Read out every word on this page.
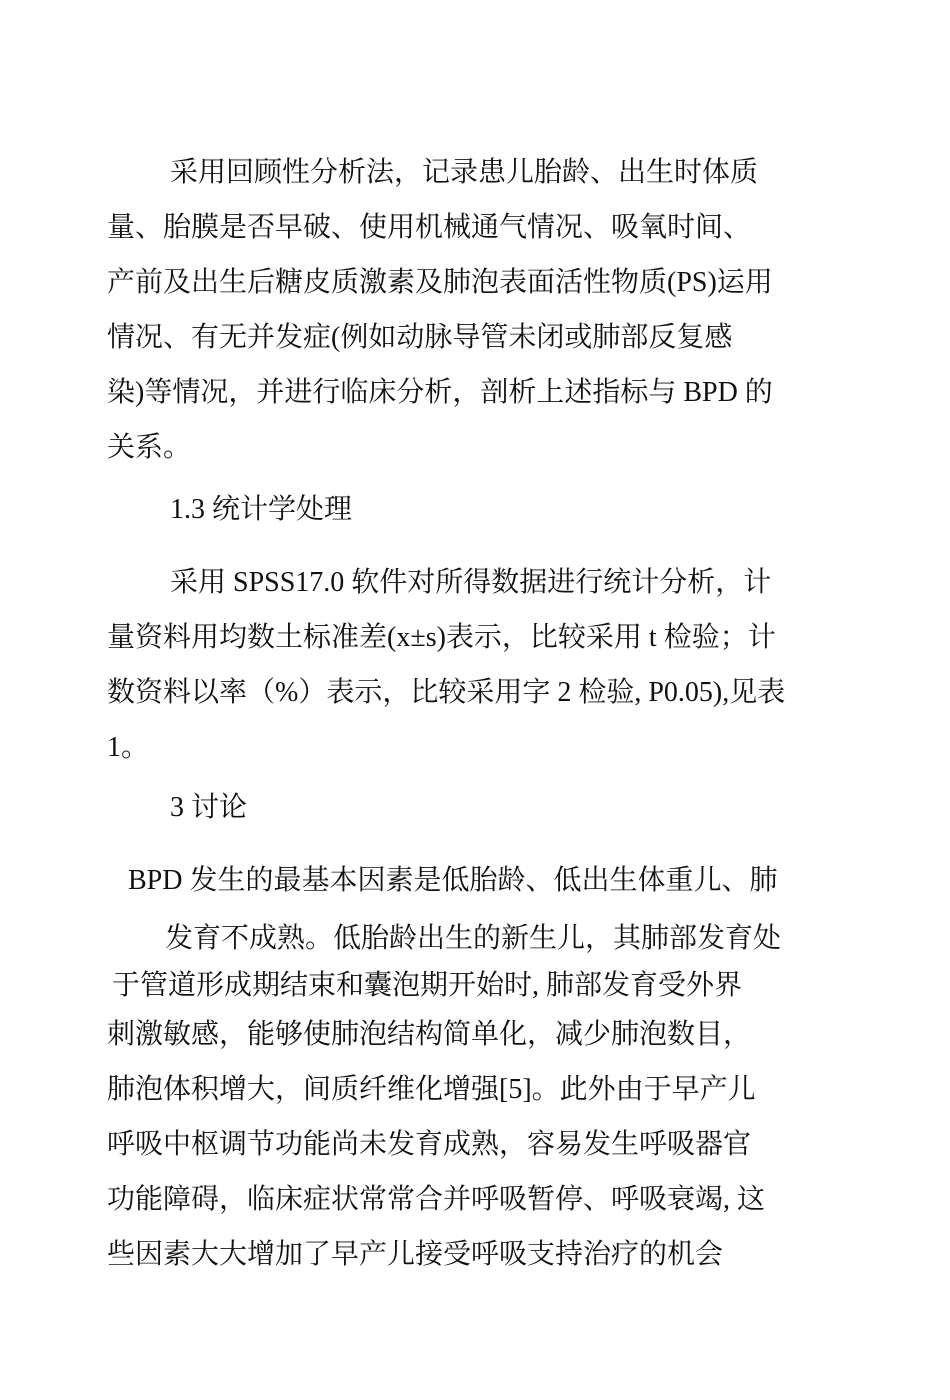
采用回顾性分析法，记录患儿胎龄、出生时体质
量、胎膜是否早破、使用机械通气情况、吸氧时间、
产前及出生后糖皮质激素及肺泡表面活性物质(PS)运用
情况、有无并发症(例如动脉导管未闭或肺部反复感
染)等情况，并进行临床分析，剖析上述指标与 BPD 的
关系。
1.3 统计学处理
采用 SPSS17.0 软件对所得数据进行统计分析，计
量资料用均数土标准差(x±s)表示，比较采用 t 检验；计
数资料以率（%）表示，比较采用字 2 检验, P0.05),见表
1。
3 讨论
BPD 发生的最基本因素是低胎龄、低出生体重儿、肺
发育不成熟。低胎龄出生的新生儿，其肺部发育处
于管道形成期结束和囊泡期开始时, 肺部发育受外界
刺激敏感，能够使肺泡结构简单化，减少肺泡数目，
肺泡体积增大，间质纤维化增强[5]。此外由于早产儿
呼吸中枢调节功能尚未发育成熟，容易发生呼吸器官
功能障碍，临床症状常常合并呼吸暂停、呼吸衰竭, 这
些因素大大增加了早产儿接受呼吸支持治疗的机会
